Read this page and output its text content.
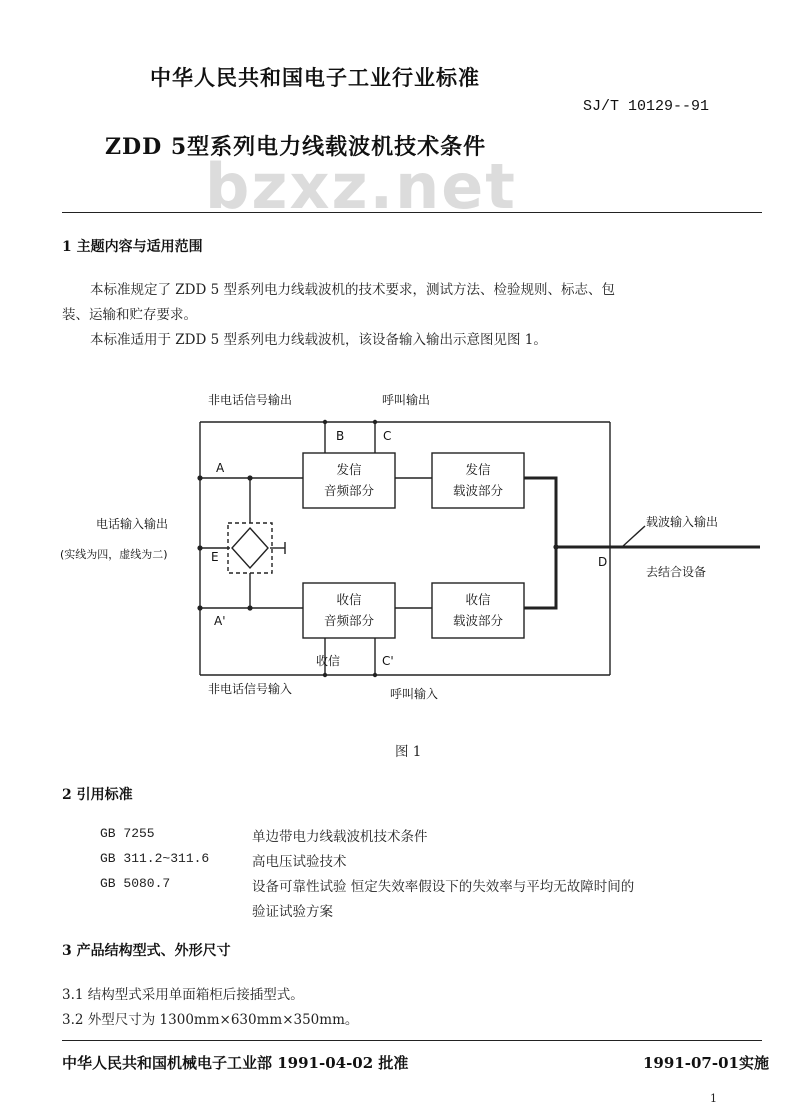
中华人民共和国电子工业行业标准
SJ/T 10129--91
ZDD 5型系列电力线载波机技术条件
bzxz.net
1 主题内容与适用范围
本标准规定了 ZDD 5 型系列电力线载波机的技术要求，测试方法、检验规则、标志、包
装、运输和贮存要求。
本标准适用于 ZDD 5 型系列电力线载波机，该设备输入输出示意图见图 1。
非电话信号输出	呼叫输出
B	C
A
电话输入输出
(实线为四，虚线为二)	E
A'
D
载波输入输出
去结合设备
收信	C'
非电话信号输入	呼叫输入
发信
音频部分
发信
载波部分
收信
音频部分
收信
载波部分
图 1
2 引用标准
GB 7255	单边带电力线载波机技术条件
GB 311.2~311.6	高电压试验技术
GB 5080.7	设备可靠性试验 恒定失效率假设下的失效率与平均无故障时间的
验证试验方案
3 产品结构型式、外形尺寸
3.1 结构型式采用单面箱柜后接插型式。
3.2 外型尺寸为 1300mm×630mm×350mm。
中华人民共和国机械电子工业部 1991-04-02 批准	1991-07-01实施
1
